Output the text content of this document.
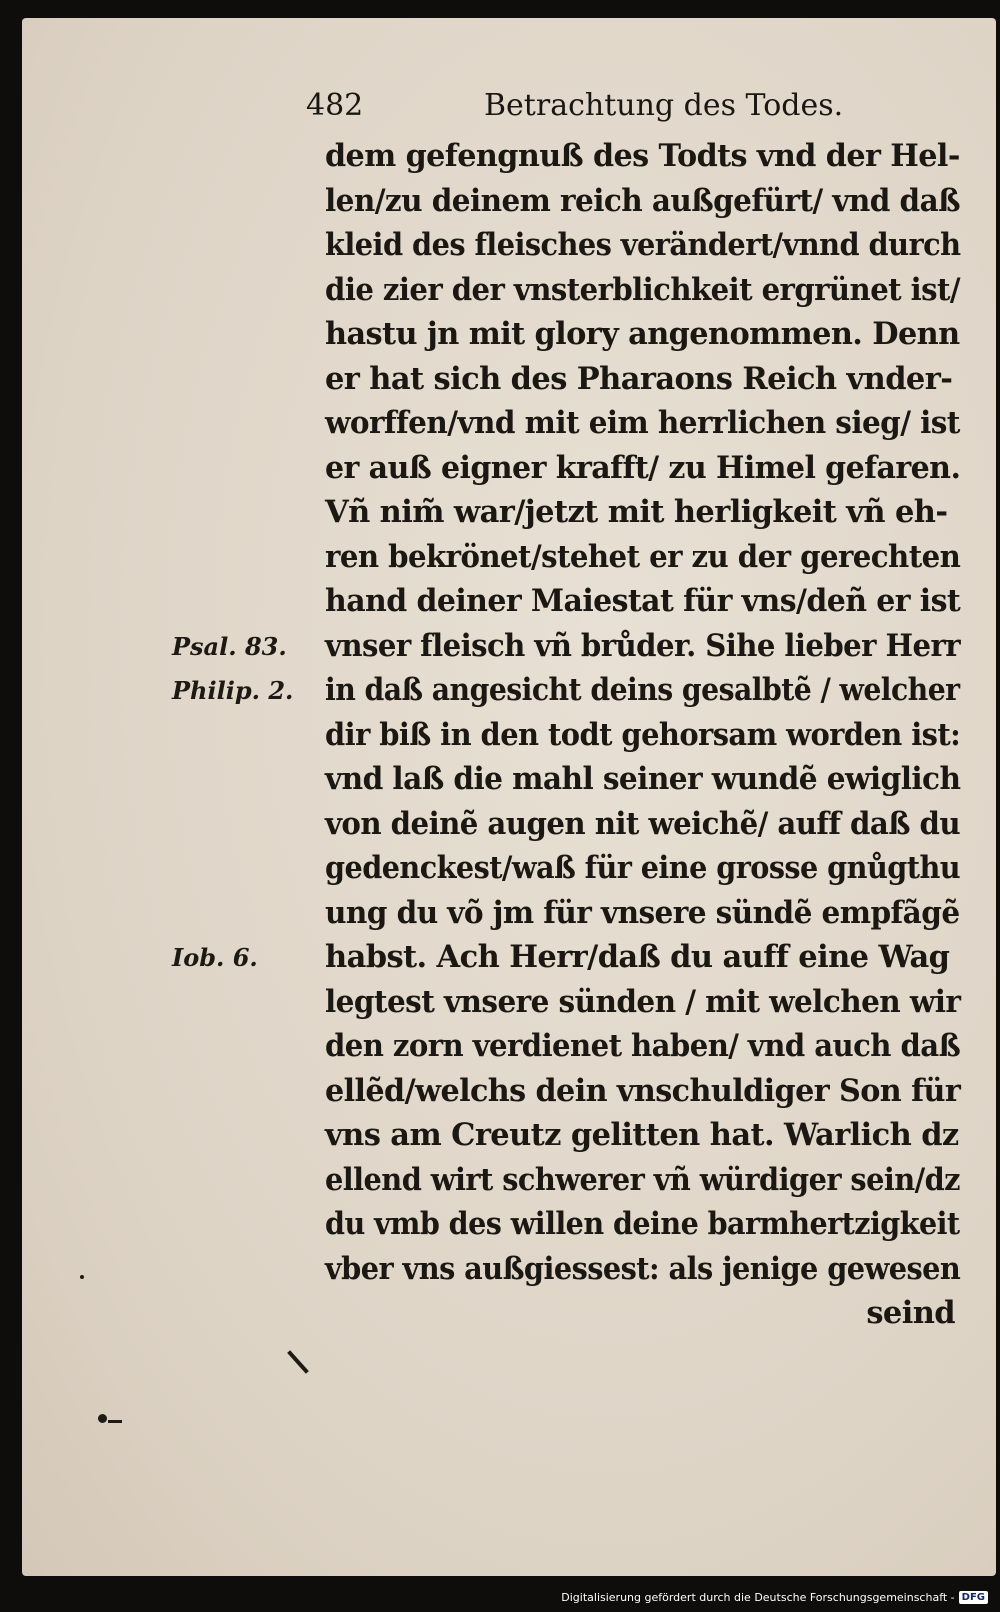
482	Betrachtung des Todes.
dem gefengnuß des Todts vnd der Hel-
len/zu deinem reich außgefürt/ vnd daß
kleid des fleisches verändert/vnnd durch
die zier der vnsterblichkeit ergrünet ist/
hastu jn mit glory angenommen. Denn
er hat sich des Pharaons Reich vnder-
worffen/vnd mit eim herrlichen sieg/ ist
er auß eigner krafft/ zu Himel gefaren.
Vñ nim̃ war/jetzt mit herligkeit vñ eh-
ren bekrönet/stehet er zu der gerechten
hand deiner Maiestat für vns/deñ er ist
vnser fleisch vñ brůder. Sihe lieber Herr
in daß angesicht deins gesalbtẽ / welcher
dir biß in den todt gehorsam worden ist:
vnd laß die mahl seiner wundẽ ewiglich
von deinẽ augen nit weichẽ/ auff daß du
gedenckest/waß für eine grosse gnůgthu
ung du võ jm für vnsere sündẽ empfãgẽ
habst. Ach Herr/daß du auff eine Wag
legtest vnsere sünden / mit welchen wir
den zorn verdienet haben/ vnd auch daß
ellẽd/welchs dein vnschuldiger Son für
vns am Creutz gelitten hat. Warlich dz
ellend wirt schwerer vñ würdiger sein/dz
du vmb des willen deine barmhertzigkeit
vber vns außgiessest: als jenige gewesen
seind
Psal. 83.
Philip. 2.
Iob. 6.
Digitalisierung gefördert durch die Deutsche Forschungsgemeinschaft - DFG
